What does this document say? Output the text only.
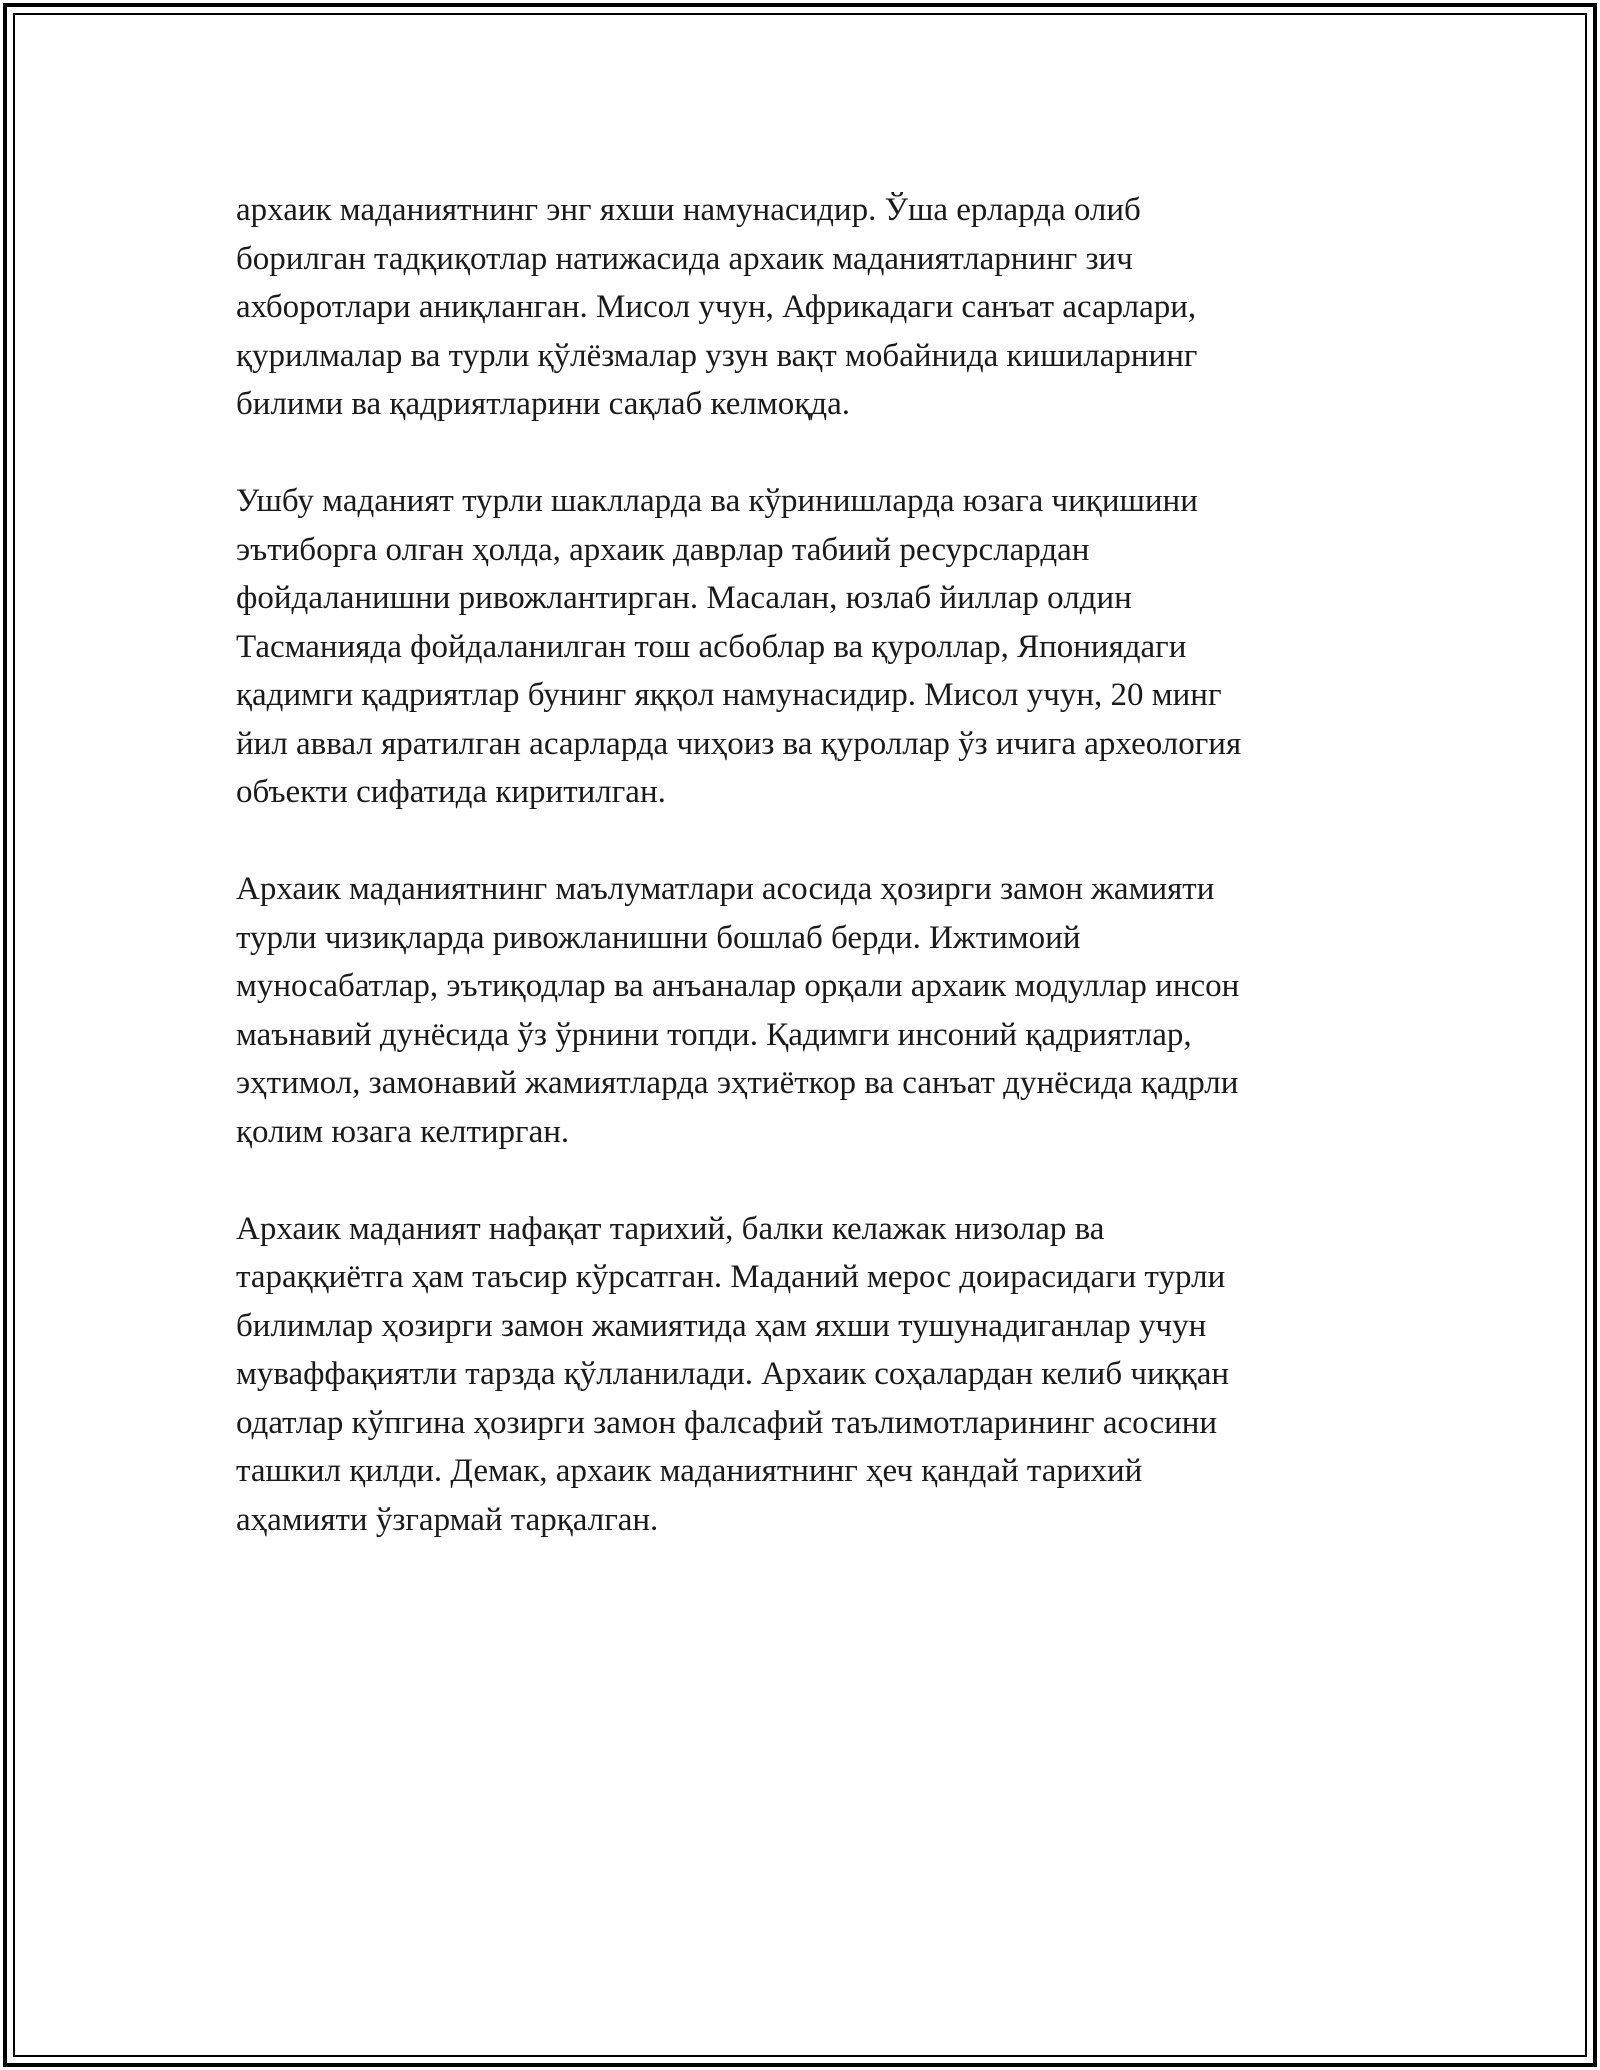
архаик маданиятнинг энг яхши намунасидир. Ўша ерларда олиб
борилган тадқиқотлар натижасида архаик маданиятларнинг зич
ахборотлари аниқланган. Мисол учун, Африкадаги санъат асарлари,
қурилмалар ва турли қўлёзмалар узун вақт мобайнида кишиларнинг
билими ва қадриятларини сақлаб келмоқда.

Ушбу маданият турли шаклларда ва кўринишларда юзага чиқишини
эътиборга олган ҳолда, архаик даврлар табиий ресурслардан
фойдаланишни ривожлантирган. Масалан, юзлаб йиллар олдин
Тасманияда фойдаланилган тош асбоблар ва қуроллар, Япониядаги
қадимги қадриятлар бунинг яққол намунасидир. Мисол учун, 20 минг
йил аввал яратилган асарларда чиҳоиз ва қуроллар ўз ичига археология
объекти сифатида киритилган.

Архаик маданиятнинг маълуматлари асосида ҳозирги замон жамияти
турли чизиқларда ривожланишни бошлаб берди. Ижтимоий
муносабатлар, эътиқодлар ва анъаналар орқали архаик модуллар инсон
маънавий дунёсида ўз ўрнини топди. Қадимги инсоний қадриятлар,
эҳтимол, замонавий жамиятларда эҳтиёткор ва санъат дунёсида қадрли
қолим юзага келтирган.

Архаик маданият нафақат тарихий, балки келажак низолар ва
тараққиётга ҳам таъсир кўрсатган. Маданий мерос доирасидаги турли
билимлар ҳозирги замон жамиятида ҳам яхши тушунадиганлар учун
муваффақиятли тарзда қўлланилади. Архаик соҳалардан келиб чиққан
одатлар кўпгина ҳозирги замон фалсафий таълимотларининг асосини
ташкил қилди. Демак, архаик маданиятнинг ҳеч қандай тарихий
аҳамияти ўзгармай тарқалган.
